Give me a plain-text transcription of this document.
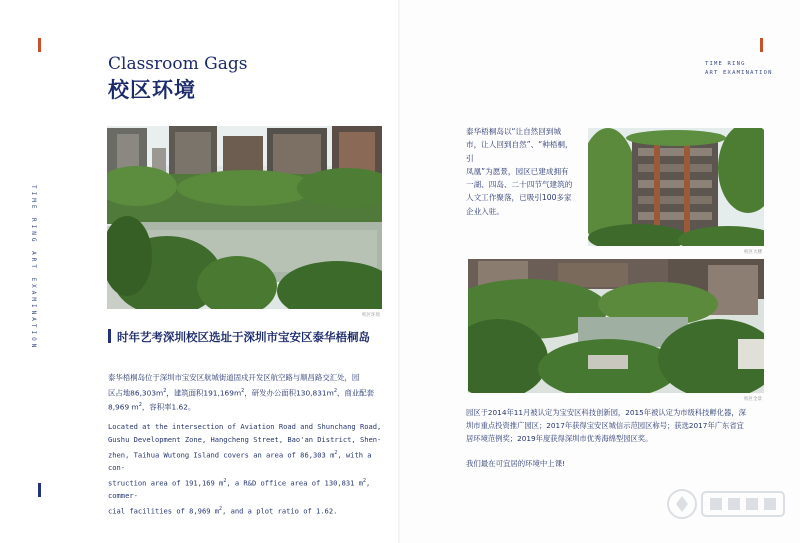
Classroom Gags
校区环境
TIME RING ART EXAMINATION	校区环境
时年艺考深圳校区选址于深圳市宝安区泰华梧桐岛
泰华梧桐岛位于深圳市宝安区航城街道固戍开发区航空路与顺昌路交汇处，园
区占地$86,303m^2$，建筑面积$191,169m^2$，研发办公面积$130,831m^2$，商业配套
8,969 $m^2$，容积率1.62。
Located at the intersection of Aviation Road and Shunchang Road,
Gushu Development Zone, Hangcheng Street, Bao'an District, Shen-
zhen, Taihua Wutong Island covers an area of 86,303 $m^2$, with a con-
struction area of 191,169 $m^2$, a R&D office area of 130,831 $m^2$, commer-
cial facilities of 8,969 $m^2$, and a plot ratio of 1.62.
TIME RING
ART EXAMINATION
泰华梧桐岛以“让自然回到城
市，让人回到自然”、“种梧桐，引
凤凰”为愿景，园区已建成拥有
一湖、四岛、二十四节气建筑的
人文工作聚落，已吸引100多家
企业入驻。
校区大楼
校区全景
园区于2014年11月被认定为宝安区科技创新园，2015年被认定为市级科技孵化器，深
圳市重点投资推广园区；2017年获得宝安区城信示范园区称号；获选2017年广东省宜
居环境范例奖；2019年度获得深圳市优秀海绵型园区奖。
我们最在可宜居的环境中上课!
